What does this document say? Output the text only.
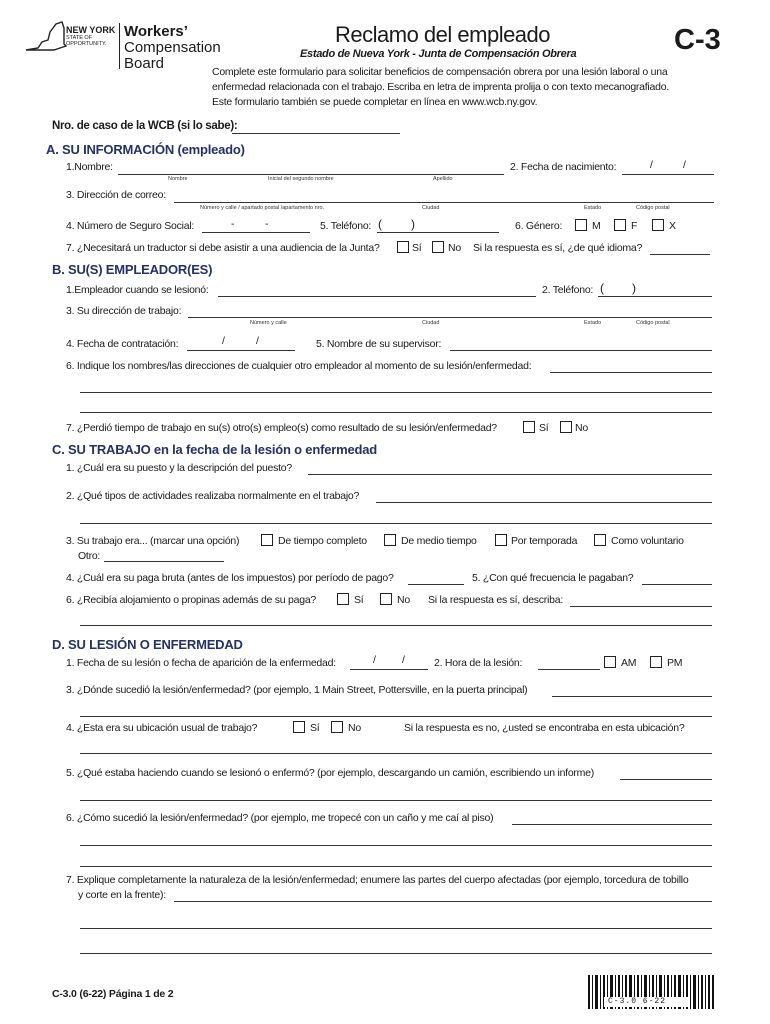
NEW YORK
STATE OF
OPPORTUNITY.
Workers’
Compensation
Board
Reclamo del empleado
Estado de Nueva York - Junta de Compensación Obrera	C-3
Complete este formulario para solicitar beneficios de compensación obrera por una lesión laboral o una
enfermedad relacionada con el trabajo. Escriba en letra de imprenta prolija o con texto mecanografiado.
Este formulario también se puede completar en línea en www.wcb.ny.gov.
Nro. de caso de la WCB (si lo sabe):
A. SU INFORMACIÓN (empleado)
1.Nombre:
Nombre	Inicial del segundo nombre	Apellido
2. Fecha de nacimiento:	/	/
3. Dirección de correo:
Número y calle / apartado postal /apartamento nro.	Ciudad	Estado	Código postal
4. Número de Seguro Social:	-	-	5. Teléfono: ( )	6. Género:	M	F	X
7. ¿Necesitará un traductor si debe asistir a una audiencia de la Junta?	Sí	No Si la respuesta es sí, ¿de qué idioma?
B. SU(S) EMPLEADOR(ES)
1.Empleador cuando se lesionó:	2. Teléfono: ( )
3. Su dirección de trabajo:
Número y calle	Ciudad	Estado	Código postal
4. Fecha de contratación:	/	/	5. Nombre de su supervisor:
6. Indique los nombres/las direcciones de cualquier otro empleador al momento de su lesión/enfermedad:
7. ¿Perdió tiempo de trabajo en su(s) otro(s) empleo(s) como resultado de su lesión/enfermedad?	Sí	No
C. SU TRABAJO en la fecha de la lesión o enfermedad
1. ¿Cuál era su puesto y la descripción del puesto?
2. ¿Qué tipos de actividades realizaba normalmente en el trabajo?
3. Su trabajo era... (marcar una opción)	De tiempo completo	De medio tiempo	Por temporada	Como voluntario
Otro:
4. ¿Cuál era su paga bruta (antes de los impuestos) por período de pago?	5. ¿Con qué frecuencia le pagaban?
6. ¿Recibía alojamiento o propinas además de su paga?	Sí	No Si la respuesta es sí, describa:
D. SU LESIÓN O ENFERMEDAD
1. Fecha de su lesión o fecha de aparición de la enfermedad:	/	/	2. Hora de la lesión:	AM	PM
3. ¿Dónde sucedió la lesión/enfermedad? (por ejemplo, 1 Main Street, Pottersville, en la puerta principal)
4. ¿Esta era su ubicación usual de trabajo?	Sí	No	Si la respuesta es no, ¿usted se encontraba en esta ubicación?
5. ¿Qué estaba haciendo cuando se lesionó o enfermó? (por ejemplo, descargando un camión, escribiendo un informe)
6. ¿Cómo sucedió la lesión/enfermedad? (por ejemplo, me tropecé con un caño y me caí al piso)
7. Explique completamente la naturaleza de la lesión/enfermedad; enumere las partes del cuerpo afectadas (por ejemplo, torcedura de tobillo
y corte en la frente):
C-3.0 (6-22) Página 1 de 2
C-3.0 6-22
